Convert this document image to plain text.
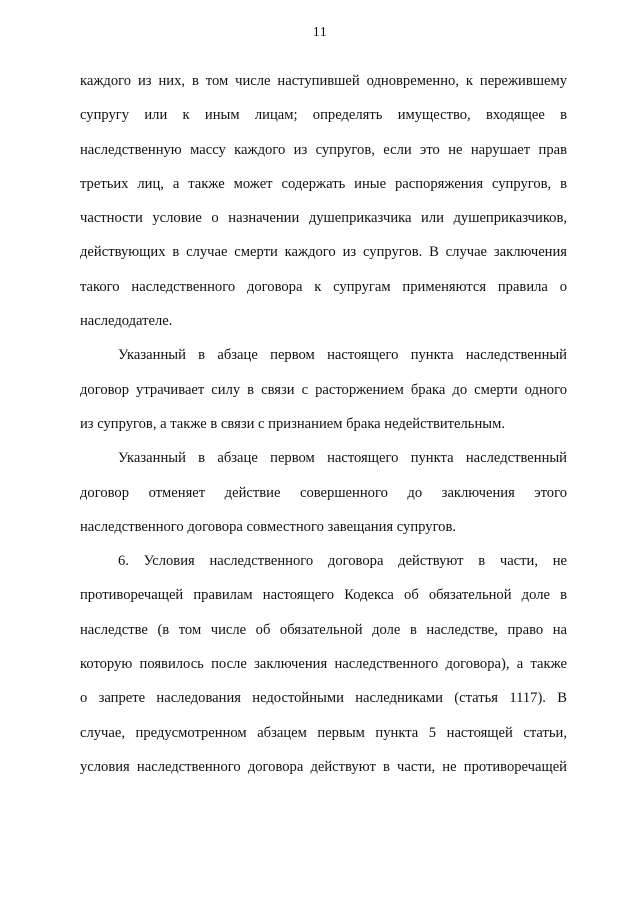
11
каждого из них, в том числе наступившей одновременно, к пережившему
супругу или к иным лицам; определять имущество, входящее в
наследственную массу каждого из супругов, если это не нарушает прав
третьих лиц, а также может содержать иные распоряжения супругов, в
частности условие о назначении душеприказчика или душеприказчиков,
действующих в случае смерти каждого из супругов. В случае заключения
такого наследственного договора к супругам применяются правила о
наследодателе.
Указанный в абзаце первом настоящего пункта наследственный
договор утрачивает силу в связи с расторжением брака до смерти одного
из супругов, а также в связи с признанием брака недействительным.
Указанный в абзаце первом настоящего пункта наследственный
договор отменяет действие совершенного до заключения этого
наследственного договора совместного завещания супругов.
6. Условия наследственного договора действуют в части, не
противоречащей правилам настоящего Кодекса об обязательной доле в
наследстве (в том числе об обязательной доле в наследстве, право на
которую появилось после заключения наследственного договора), а также
о запрете наследования недостойными наследниками (статья 1117). В
случае, предусмотренном абзацем первым пункта 5 настоящей статьи,
условия наследственного договора действуют в части, не противоречащей
